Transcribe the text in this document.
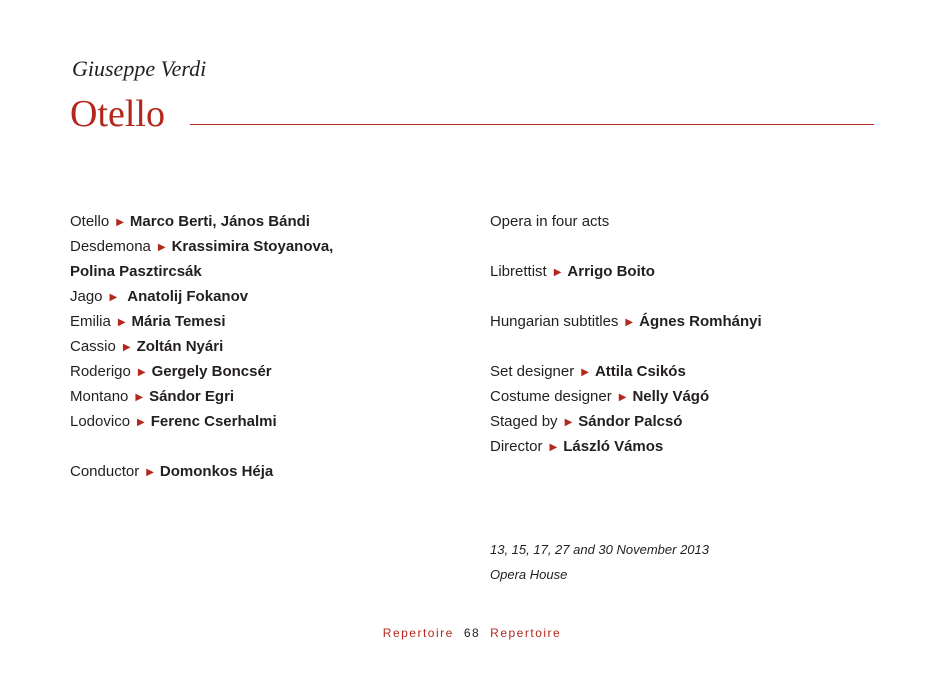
Giuseppe Verdi
Otello
Otello ▶ Marco Berti, János Bándi
Desdemona ▶ Krassimira Stoyanova,
Polina Pasztircsák
Jago ▶ Anatolij Fokanov
Emilia ▶ Mária Temesi
Cassio ▶ Zoltán Nyári
Roderigo ▶ Gergely Boncsér
Montano ▶ Sándor Egri
Lodovico ▶ Ferenc Cserhalmi
Conductor ▶ Domonkos Héja
Opera in four acts
Librettist ▶ Arrigo Boito
Hungarian subtitles ▶ Ágnes Romhányi
Set designer ▶ Attila Csikós
Costume designer ▶ Nelly Vágó
Staged by ▶ Sándor Palcsó
Director ▶ László Vámos
13, 15, 17, 27 and 30 November 2013
Opera House
Repertoire 68 Repertoire
